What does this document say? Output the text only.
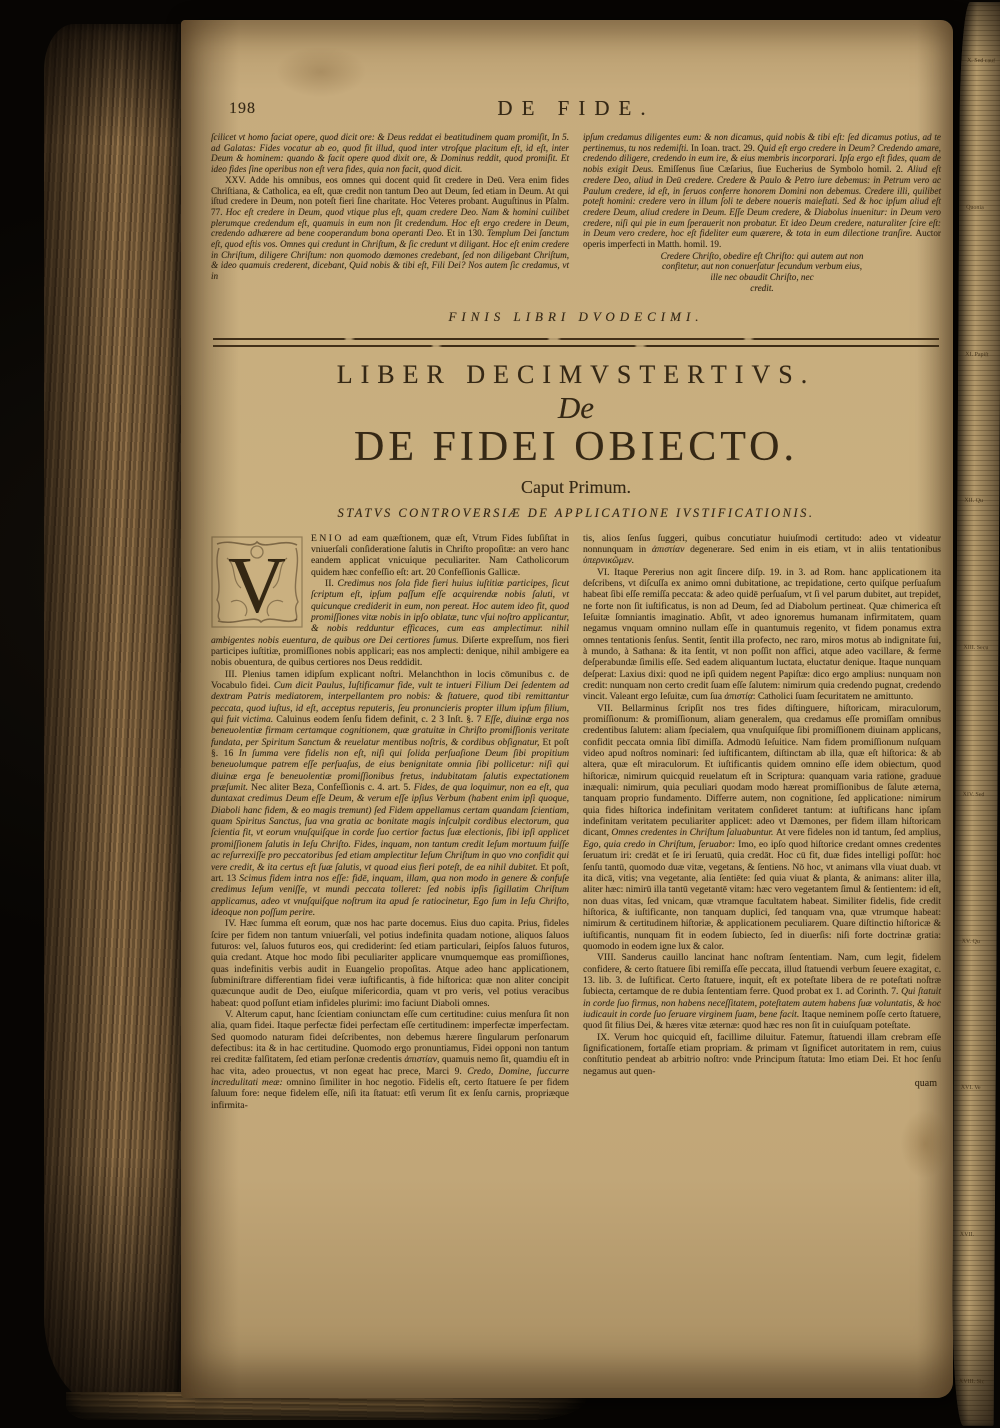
198	DE FIDE.

ſcilicet vt homo faciat opere, quod dicit ore: & Deus reddat ei beatitudinem quam promiſit, In 5. ad Galatas: Fides vocatur ab eo, quod fit illud, quod inter vtroſque placitum eſt, id eſt, inter Deum & hominem: quando & facit opere quod dixit ore, & Dominus reddit, quod promiſit. Et ideo fides ſine operibus non eſt vera fides, quia non facit, quod dicit.

XXV. Adde his omnibus, eos omnes qui docent quid ſit credere in Deū. Vera enim fides Chriſtiana, & Catholica, ea eſt, quæ credit non tantum Deo aut Deum, ſed etiam in Deum. At qui iſtud credere in Deum, non poteſt fieri ſine charitate. Hoc Veteres probant. Auguſtinus in Pſalm. 77. Hoc eſt credere in Deum, quod vtique plus eſt, quam credere Deo. Nam & homini cuilibet plerumque credendum eſt, quamuis in eum non ſit credendum. Hoc eſt ergo credere in Deum, credendo adhærere ad bene cooperandum bona operanti Deo. Et in 130. Templum Dei ſanctum eſt, quod eſtis vos. Omnes qui credunt in Chriſtum, & ſic credunt vt diligant. Hoc eſt enim credere in Chriſtum, diligere Chriſtum: non quomodo dæmones credebant, ſed non diligebant Chriſtum, & ideo quamuis crederent, dicebant, Quid nobis & tibi eſt, Fili Dei? Nos autem ſic credamus, vt in

ipſum credamus diligentes eum: & non dicamus, quid nobis & tibi eſt: ſed dicamus potius, ad te pertinemus, tu nos redemiſti. In Ioan. tract. 29. Quid eſt ergo credere in Deum? Credendo amare, credendo diligere, credendo in eum ire, & eius membris incorporari. Ipſa ergo eſt fides, quam de nobis exigit Deus. Emiſſenus ſiue Cæſarius, ſiue Eucherius de Symbolo homil. 2. Aliud eſt credere Deo, aliud in Deū credere. Credere & Paulo & Petro iure debemus: in Petrum vero ac Paulum credere, id eſt, in ſeruos conferre honorem Domini non debemus. Credere illi, quilibet poteſt homini: credere vero in illum ſoli te debere noueris maieſtati. Sed & hoc ipſum aliud eſt credere Deum, aliud credere in Deum. Eſſe Deum credere, & Diabolus inuenitur: in Deum vero credere, niſi qui pie in eum ſperauerit non probatur. Et ideo Deum credere, naturaliter ſcire eſt: in Deum vero credere, hoc eſt fideliter eum quærere, & tota in eum dilectione tranſire. Auctor operis imperfecti in Matth. homil. 19.

Credere Chriſto, obedire eſt Chriſto: qui autem aut non
confitetur, aut non conuerſatur ſecundum verbum eius,
ille nec obaudit Chriſto, nec
credit.
FINIS LIBRI DVODECIMI.
LIBER DECIMVSTERTIVS.
De
DE FIDEI OBIECTO.
Caput Primum.
STATVS CONTROVERSIÆ DE APPLICATIONE IVSTIFICATIONIS.

V
ENIO ad eam quæſtionem, quæ eſt, Vtrum Fides ſubſiſtat in vniuerſali conſideratione ſalutis in Chriſto propoſitæ: an vero hanc eandem applicat vnicuique peculiariter. Nam Catholicorum quidem hæc confeſſio eſt: art. 20 Confeſſionis Gallicæ.

II. Credimus nos ſola fide fieri huius iuſtitiæ participes, ſicut ſcriptum eſt, ipſum paſſum eſſe acquirendæ nobis ſaluti, vt quicunque crediderit in eum, non pereat. Hoc autem ideo fit, quod promiſſiones vitæ nobis in ipſo oblatæ, tunc vſui noſtro applicantur, & nobis redduntur efficaces, cum eas amplectimur. nihil ambigentes nobis euentura, de quibus ore Dei certiores ſumus. Diſerte expreſſum, nos fieri participes iuſtitiæ, promiſſiones nobis applicari; eas nos amplecti: denique, nihil ambigere ea nobis obuentura, de quibus certiores nos Deus reddidit.

III. Plenius tamen idipſum explicant noſtri. Melanchthon in locis cōmunibus c. de Vocabulo fidei. Cum dicit Paulus, Iuſtificamur fide, vult te intueri Filium Dei ſedentem ad dextram Patris mediatorem, interpellantem pro nobis: & ſtatuere, quod tibi remittantur peccata, quod iuſtus, id eſt, acceptus reputeris, ſeu pronuncieris propter illum ipſum filium, qui fuit victima. Caluinus eodem ſenſu fidem definit, c. 2 3 Inſt. §. 7 Eſſe, diuinæ erga nos beneuolentiæ firmam certamque cognitionem, quæ gratuitæ in Chriſto promiſſionis veritate fundata, per Spiritum Sanctum & reuelatur mentibus noſtris, & cordibus obſignatur, Et poſt §. 16 In ſumma vere fidelis non eſt, niſi qui ſolida perſuaſione Deum ſibi propitium beneuolumque patrem eſſe perſuaſus, de eius benignitate omnia ſibi pollicetur: niſi qui diuinæ erga ſe beneuolentiæ promiſſionibus fretus, indubitatam ſalutis expectationem præſumit. Nec aliter Beza, Confeſſionis c. 4. art. 5. Fides, de qua loquimur, non ea eſt, qua duntaxat credimus Deum eſſe Deum, & verum eſſe ipſius Verbum (habent enim ipſi quoque, Diaboli hanc fidem, & eo magis tremunt) ſed Fidem appellamus certam quandam ſcientiam, quam Spiritus Sanctus, ſua vna gratia ac bonitate magis inſculpit cordibus electorum, qua ſcientia fit, vt eorum vnuſquiſque in corde ſuo certior factus ſuæ electionis, ſibi ipſi applicet promiſſionem ſalutis in Ieſu Chriſto. Fides, inquam, non tantum credit Ieſum mortuum fuiſſe ac reſurrexiſſe pro peccatoribus ſed etiam amplectitur Ieſum Chriſtum in quo vno confidit qui vere credit, & ita certus eſt ſuæ ſalutis, vt quoad eius fieri poteſt, de ea nihil dubitet. Et poſt, art. 13 Scimus fidem intra nos eſſe: fidē, inquam, illam, qua non modo in genere & confuſe credimus Ieſum veniſſe, vt mundi peccata tolleret: ſed nobis ipſis ſigillatim Chriſtum applicamus, adeo vt vnuſquiſque noſtrum ita apud ſe ratiocinetur, Ego ſum in Ieſu Chriſto, ideoque non poſſum perire.

IV. Hæc ſumma eſt eorum, quæ nos hac parte docemus. Eius duo capita. Prius, fideles ſcire per fidem non tantum vniuerſali, vel potius indefinita quadam notione, aliquos ſaluos futuros: vel, ſaluos futuros eos, qui crediderint: ſed etiam particulari, ſeipſos ſaluos futuros, quia credant. Atque hoc modo ſibi peculiariter applicare vnumquemque eas promiſſiones, quas indefinitis verbis audit in Euangelio propoſitas. Atque adeo hanc applicationem, ſubminiſtrare differentiam fidei veræ iuſtificantis, à fide hiſtorica: quæ non aliter concipit quæcunque audit de Deo, eiuſque miſericordia, quam vt pro veris, vel potius veracibus habeat: quod poſſunt etiam infideles plurimi: imo faciunt Diaboli omnes.

V. Alterum caput, hanc ſcientiam coniunctam eſſe cum certitudine: cuius menſura ſit non alia, quam fidei. Itaque perfectæ fidei perfectam eſſe certitudinem: imperfectæ imperfectam. Sed quomodo naturam fidei deſcribentes, non debemus hærere ſingularum perſonarum defectibus: ita & in hac certitudine. Quomodo ergo pronuntiamus, Fidei opponi non tantum rei creditæ falſitatem, ſed etiam perſonæ credentis ἀπιστίαν, quamuis nemo ſit, quamdiu eſt in hac vita, adeo prouectus, vt non egeat hac prece, Marci 9. Credo, Domine, ſuccurre incredulitati meæ: omnino ſimiliter in hoc negotio. Fidelis eſt, certo ſtatuere ſe per fidem ſaluum fore: neque fidelem eſſe, niſi ita ſtatuat: etſi verum ſit ex ſenſu carnis, propriæque infirmita-

tis, alios ſenſus ſuggeri, quibus concutiatur huiuſmodi certitudo: adeo vt videatur nonnunquam in ἀπιστίαν degenerare. Sed enim in eis etiam, vt in aliis tentationibus ὑπερνικῶμεν.

VI. Itaque Pererius non agit ſincere diſp. 19. in 3. ad Rom. hanc applicationem ita deſcribens, vt diſcuſſa ex animo omni dubitatione, ac trepidatione, certo quiſque perſuaſum habeat ſibi eſſe remiſſa peccata: & adeo quidē perſuaſum, vt ſi vel parum dubitet, aut trepidet, ne forte non ſit iuſtificatus, is non ad Deum, ſed ad Diabolum pertineat. Quæ chimerica eſt Ieſuitæ ſomniantis imaginatio. Abſit, vt adeo ignoremus humanam infirmitatem, quam negamus vnquam omnino nullam eſſe in quantumuis regenito, vt fidem ponamus extra omnes tentationis ſenſus. Sentit, ſentit illa profecto, nec raro, miros motus ab indignitate ſui, à mundo, à Sathana: & ita ſentit, vt non poſſit non affici, atque adeo vacillare, & ferme deſperabundæ ſimilis eſſe. Sed eadem aliquantum luctata, eluctatur denique. Itaque nunquam deſperat: Laxius dixi: quod ne ipſi quidem negent Papiſtæ: dico ergo amplius: nunquam non credit: nunquam non certo credit ſuam eſſe ſalutem: nimirum quia credendo pugnat, credendo vincit. Valeant ergo Ieſuitæ, cum ſua ἀπιστίᾳ: Catholici ſuam ſecuritatem ne amittunto.

VII. Bellarminus ſcripſit nos tres fides diſtinguere, hiſtoricam, miraculorum, promiſſionum: & promiſſionum, aliam generalem, qua credamus eſſe promiſſam omnibus credentibus ſalutem: aliam ſpecialem, qua vnuſquiſque ſibi promiſſionem diuinam applicans, confidit peccata omnia ſibī dimiſſa. Admodū Ieſuitice. Nam fidem promiſſionum nuſquam video apud noſtros nominari: ſed iuſtificantem, diſtinctam ab illa, quæ eſt hiſtorica: & ab altera, quæ eſt miraculorum. Et iuſtificantis quidem omnino eſſe idem obiectum, quod hiſtoricæ, nimirum quicquid reuelatum eſt in Scriptura: quanquam varia ratione, graduue inæquali: nimirum, quia peculiari quodam modo hæreat promiſſionibus de ſalute æterna, tanquam proprio fundamento. Differre autem, non cognitione, ſed applicatione: nimirum quia fides hiſtorica indefinitam veritatem conſideret tantum: at iuſtificans hanc ipſam indefinitam veritatem peculiariter applicet: adeo vt Dæmones, per fidem illam hiſtoricam dicant, Omnes credentes in Chriſtum ſaluabuntur. At vere fideles non id tantum, ſed amplius, Ego, quia credo in Chriſtum, ſeruabor: Imo, eo ipſo quod hiſtorice credant omnes credentes ſeruatum iri: credāt et ſe iri ſeruatū, quia credāt. Hoc cū fit, duæ fides intelligi poſſūt: hoc ſenſu tantū, quomodo duæ vitæ, vegetans, & ſentiens. Nō hoc, vt animans vlla viuat duab. vt ita dicā, vitis; vna vegetante, alia ſentiēte: ſed quia viuat & planta, & animans: aliter illa, aliter hæc: nimirū illa tantū vegetantē vitam: hæc vero vegetantem ſimul & ſentientem: id eſt, non duas vitas, ſed vnicam, quæ vtramque facultatem habeat. Similiter fidelis, fide credit hiſtorica, & iuſtificante, non tanquam duplici, ſed tanquam vna, quæ vtrumque habeat: nimirum & certitudinem hiſtoriæ, & applicationem peculiarem. Quare diſtinctio hiſtoricæ & iuſtificantis, nunquam fit in eodem ſubiecto, ſed in diuerſis: niſi forte doctrinæ gratia: quomodo in eodem igne lux & calor.

VIII. Sanderus cauillo lancinat hanc noſtram ſententiam. Nam, cum legit, fidelem confidere, & certo ſtatuere ſibi remiſſa eſſe peccata, illud ſtatuendi verbum ſeuere exagitat, c. 13. lib. 3. de Iuſtificat. Certo ſtatuere, inquit, eſt ex poteſtate libera de re poteſtati noſtræ ſubiecta, certamque de re dubia ſententiam ferre. Quod probat ex 1. ad Corinth. 7. Qui ſtatuit in corde ſuo firmus, non habens neceſſitatem, poteſtatem autem habens ſuæ voluntatis, & hoc iudicauit in corde ſuo ſeruare virginem ſuam, bene facit. Itaque neminem poſſe certo ſtatuere, quod ſit filius Dei, & hæres vitæ æternæ: quod hæc res non ſit in cuiuſquam poteſtate.

IX. Verum hoc quicquid eſt, facillime diluitur. Fatemur, ſtatuendi illam crebram eſſe ſignificationem, fortaſſe etiam propriam. & primam vt ſignificet autoritatem in rem, cuius conſtitutio pendeat ab arbitrio noſtro: vnde Principum ſtatuta: Imo etiam Dei. Et hoc ſenſu negamus aut quen-

quam
X. Sed cauf
Quonia
XI. Papiſt
XII. Qu
XIII. Secu
XIV. Sed
XV. Qu
XVI. Ve
XVII.
XVIII. Sic
